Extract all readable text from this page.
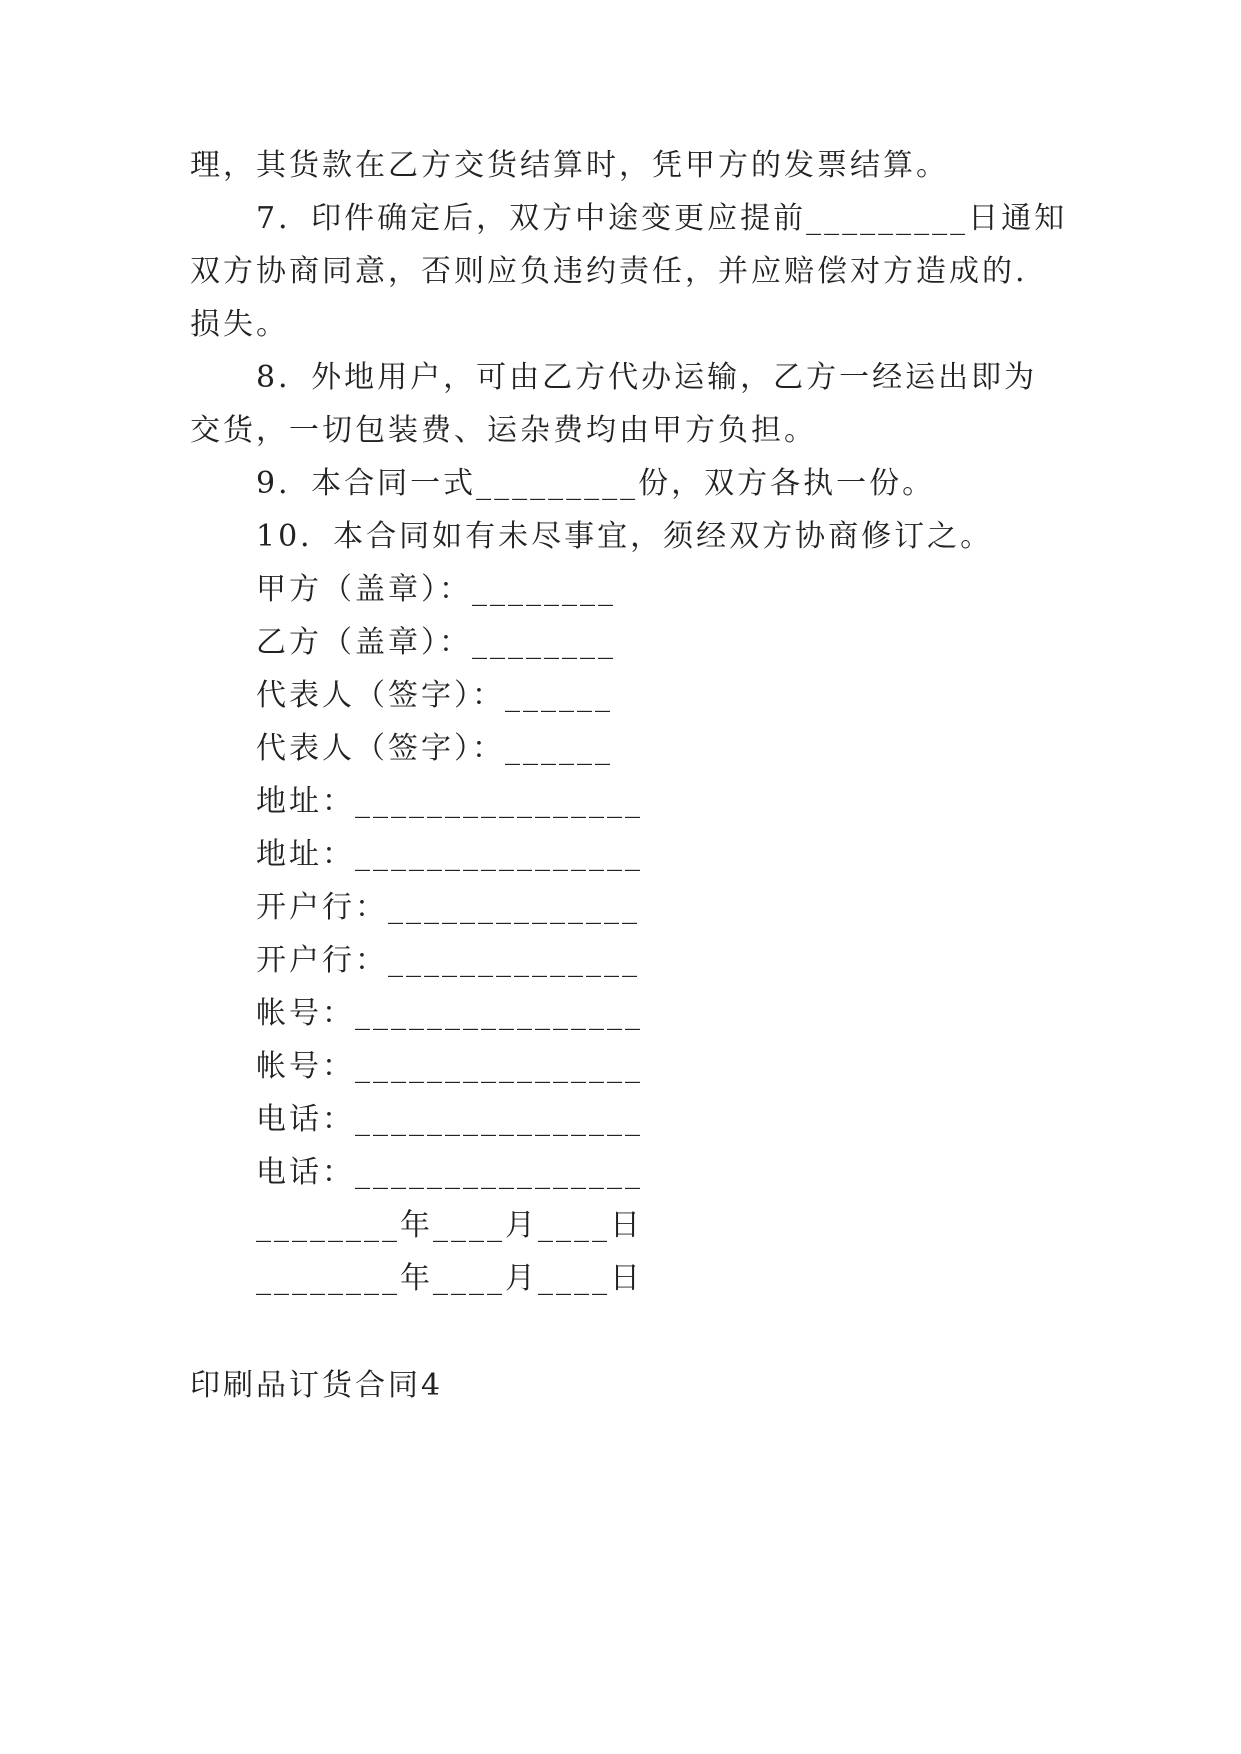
理，其货款在乙方交货结算时，凭甲方的发票结算。
7．印件确定后，双方中途变更应提前_________日通知
双方协商同意，否则应负违约责任，并应赔偿对方造成的.
损失。
8．外地用户，可由乙方代办运输，乙方一经运出即为
交货，一切包装费、运杂费均由甲方负担。
9．本合同一式_________份，双方各执一份。
10．本合同如有未尽事宜，须经双方协商修订之。
甲方（盖章）：________
乙方（盖章）：________
代表人（签字）：______
代表人（签字）：______
地址：________________
地址：________________
开户行：______________
开户行：______________
帐号：________________
帐号：________________
电话：________________
电话：________________
________年____月____日
________年____月____日
印刷品订货合同4
